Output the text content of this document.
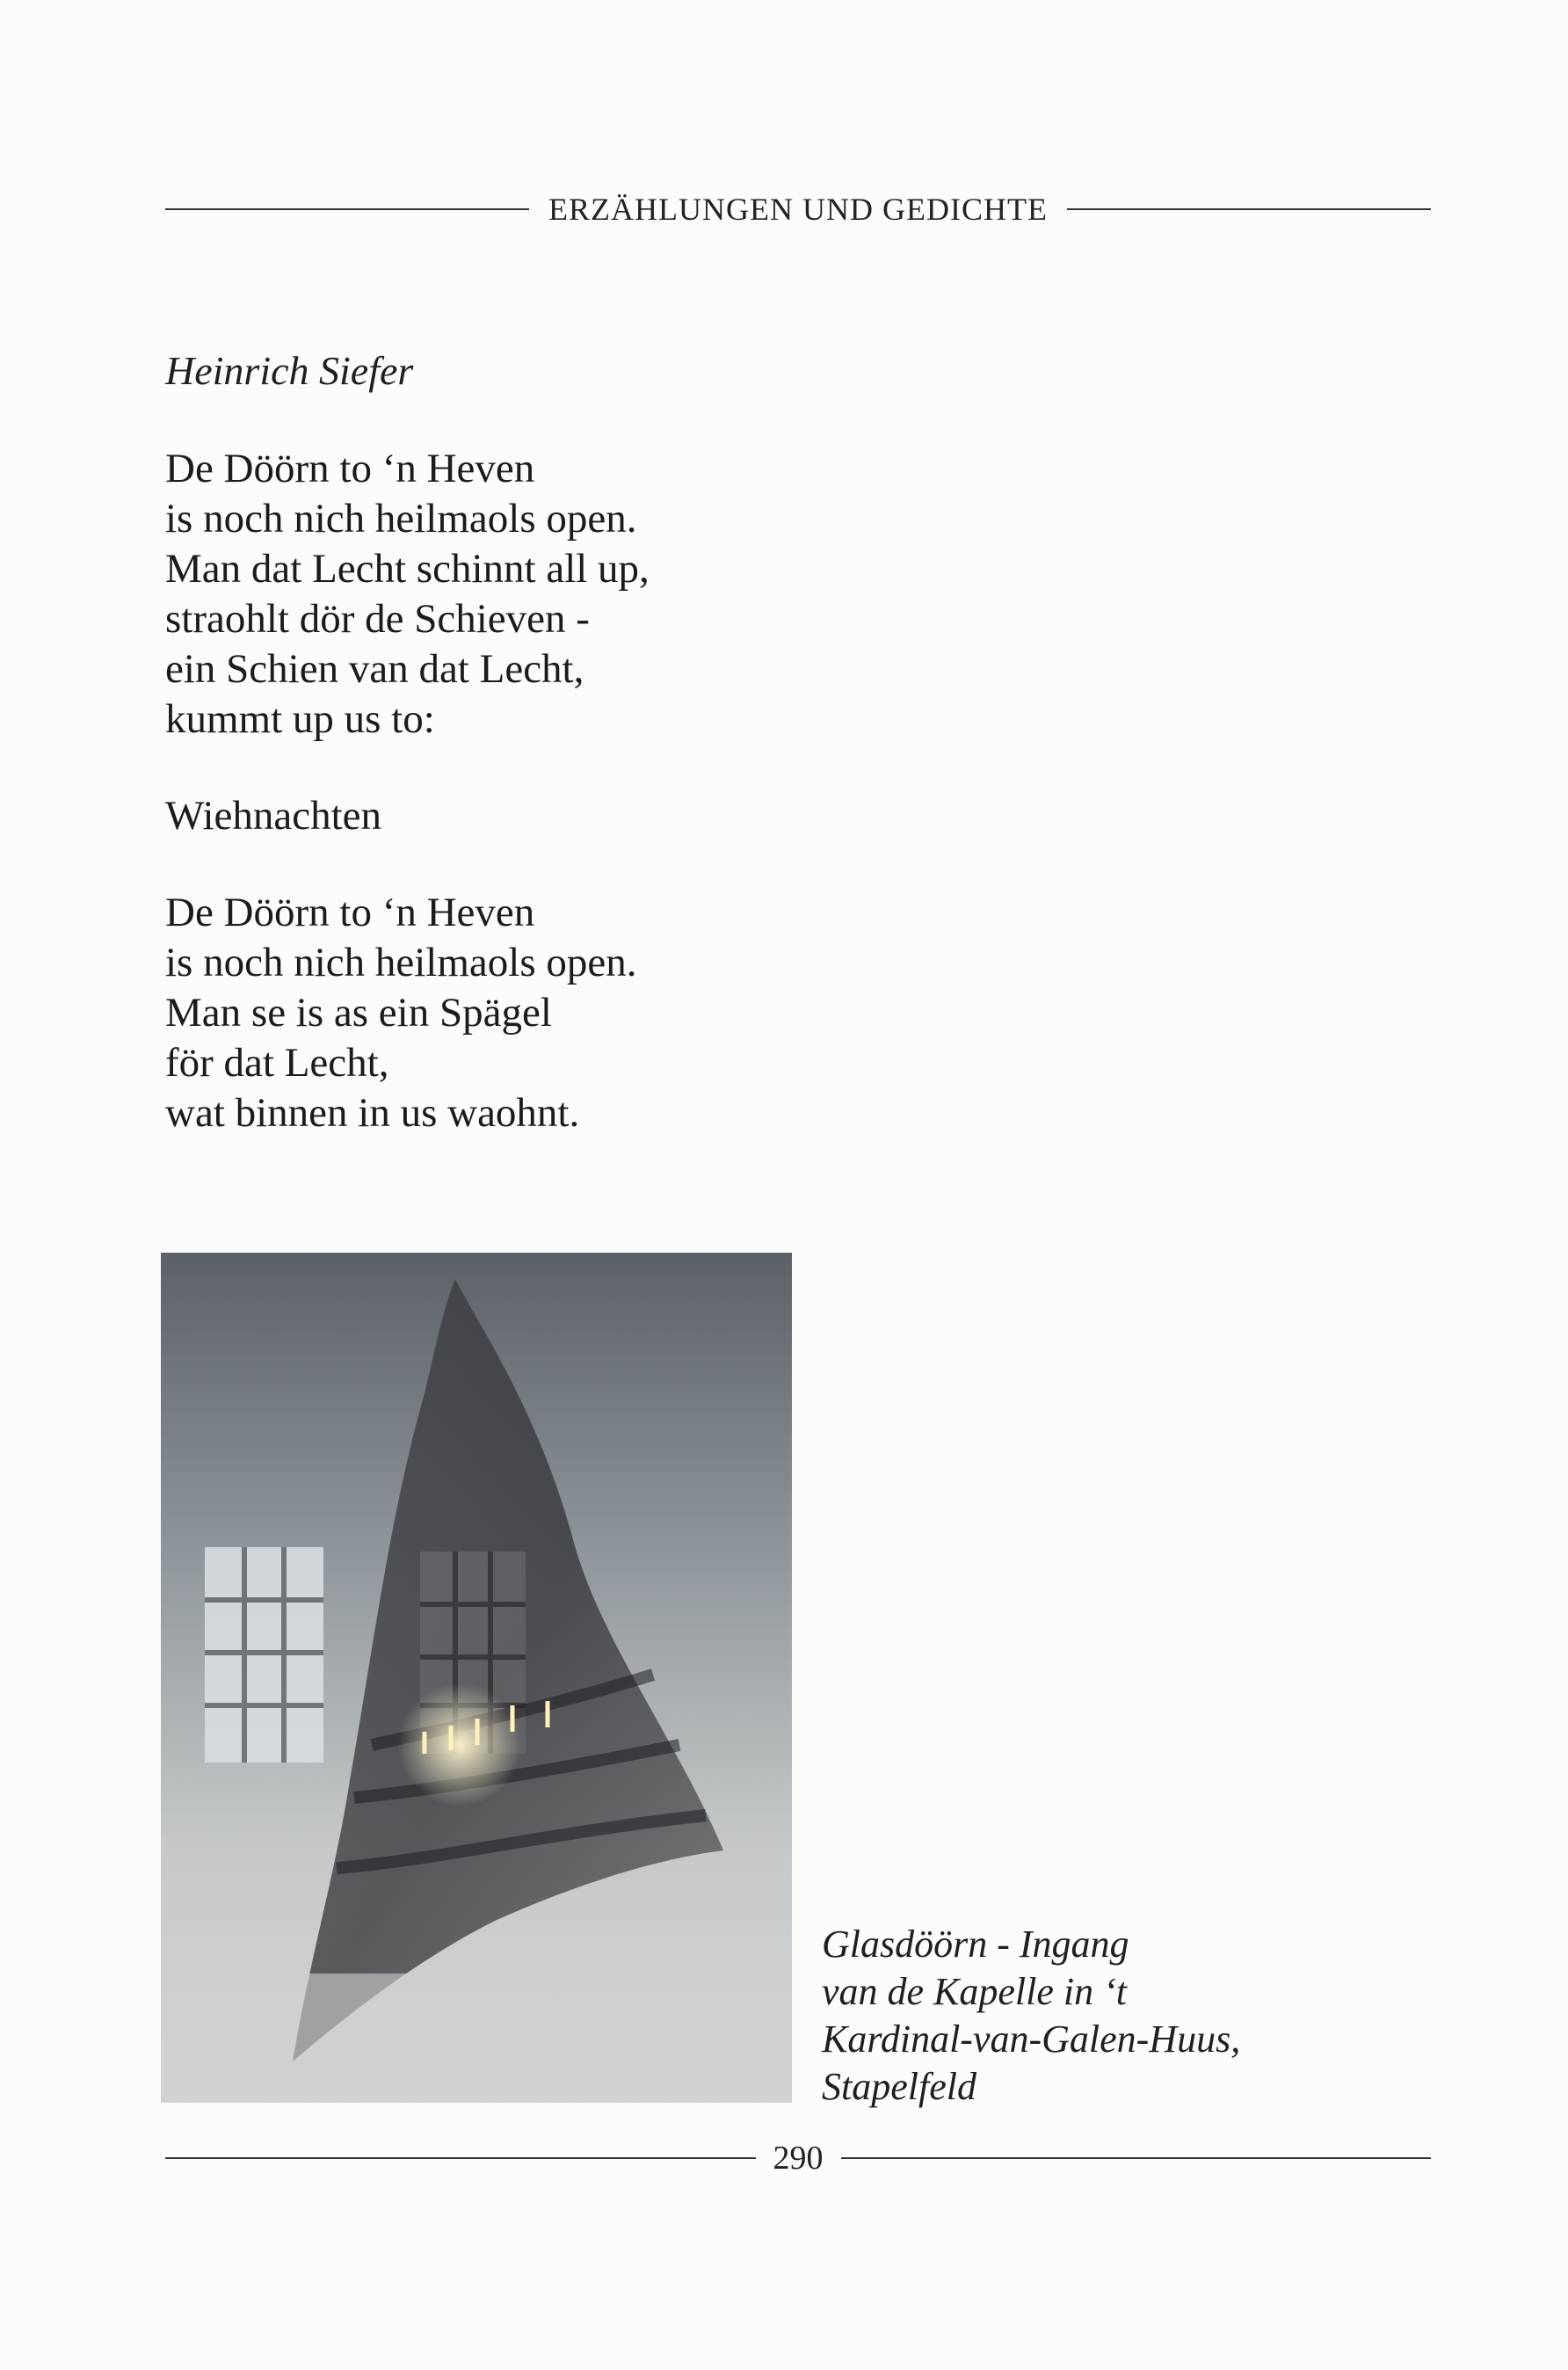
ERZÄHLUNGEN UND GEDICHTE
Heinrich Siefer
De Döörn to ‘n Heven
is noch nich heilmaols open.
Man dat Lecht schinnt all up,
straohlt dör de Schieven -
ein Schien van dat Lecht,
kummt up us to:
Wiehnachten
De Döörn to ‘n Heven
is noch nich heilmaols open.
Man se is as ein Spägel
för dat Lecht,
wat binnen in us waohnt.
Glasdöörn - Ingang
van de Kapelle in ‘t
Kardinal-van-Galen-Huus,
Stapelfeld
290
